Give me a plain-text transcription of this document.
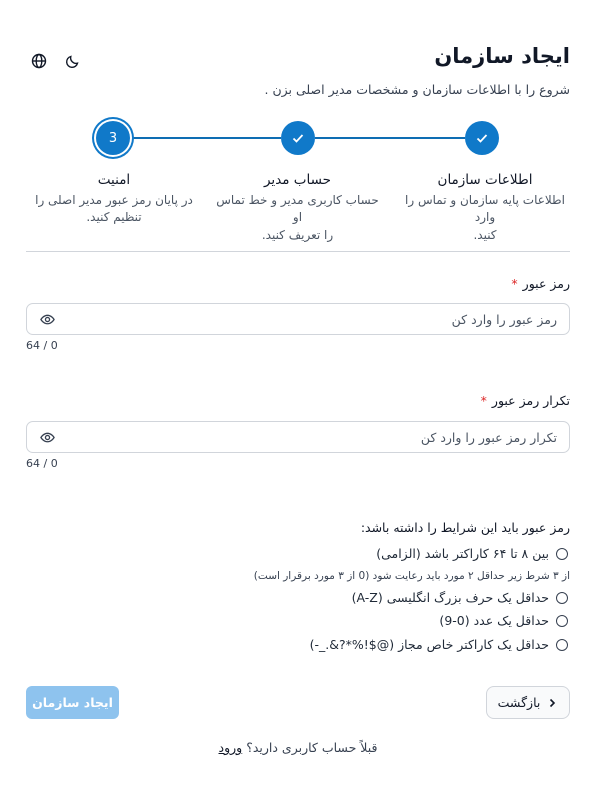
ایجاد سازمان
شروع را با اطلاعات سازمان و مشخصات مدیر اصلی بزن .
3
اطلاعات سازمان
اطلاعات پایه سازمان و تماس را وارد
کنید.
حساب مدیر
حساب کاربری مدیر و خط تماس او
را تعریف کنید.
امنیت
در پایان رمز عبور مدیر اصلی را
تنظیم کنید.
رمز عبور*
رمز عبور را وارد کن
64 / 0
تکرار رمز عبور*
تکرار رمز عبور را وارد کن
64 / 0
رمز عبور باید این شرایط را داشته باشد:
بین ۸ تا ۶۴ کاراکتر باشد (الزامی)
از ۳ شرط زیر حداقل ۲ مورد باید رعایت شود (0 از ۳ مورد برقرار است)
حداقل یک حرف بزرگ انگلیسی (A-Z)
حداقل یک عدد (0-9)
حداقل یک کاراکتر خاص مجاز (@$!%*?&._-)
بازگشت
ایجاد سازمان
قبلاً حساب کاربری دارید؟ ورود
